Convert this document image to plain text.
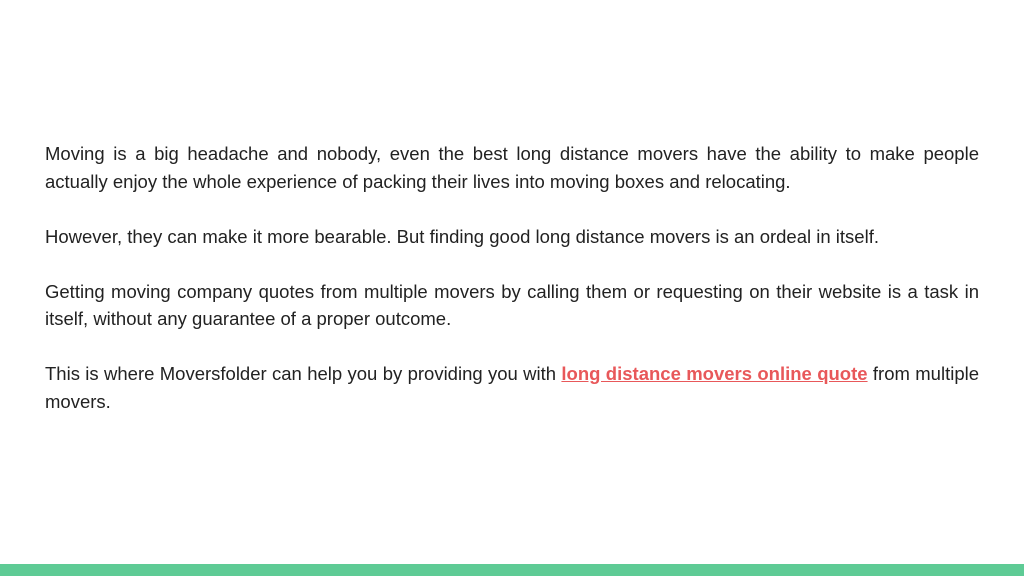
Moving is a big headache and nobody, even the best long distance movers have the ability to make people actually enjoy the whole experience of packing their lives into moving boxes and relocating.

However, they can make it more bearable. But finding good long distance movers is an ordeal in itself.

Getting moving company quotes from multiple movers by calling them or requesting on their website is a task in itself, without any guarantee of a proper outcome.

This is where Moversfolder can help you by providing you with long distance movers online quote from multiple movers.
